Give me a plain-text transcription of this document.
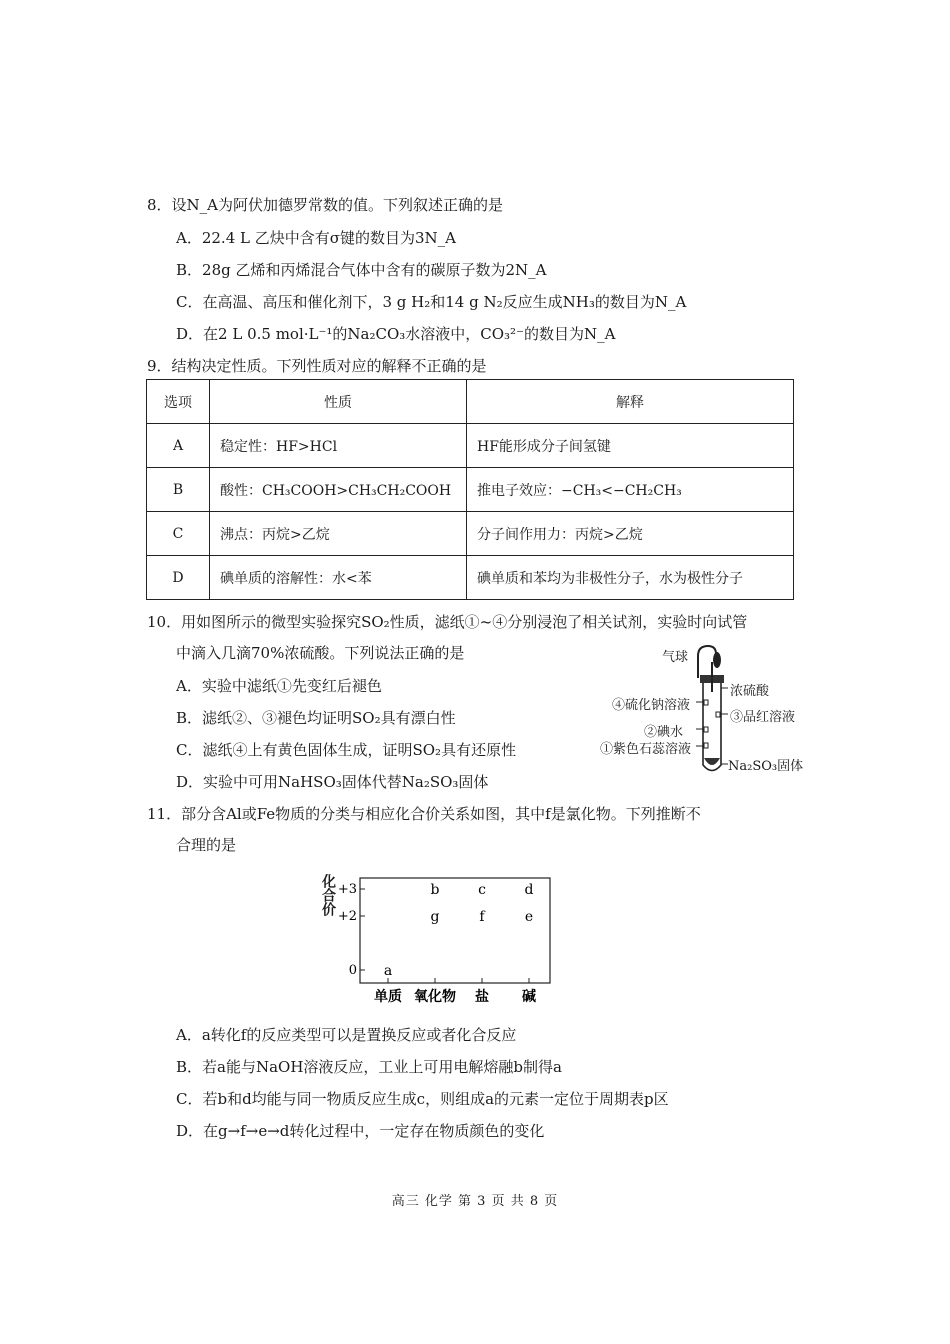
8．设N_A为阿伏加德罗常数的值。下列叙述正确的是
A．22.4 L 乙炔中含有σ键的数目为3N_A
B．28g 乙烯和丙烯混合气体中含有的碳原子数为2N_A
C．在高温、高压和催化剂下，3 g H₂和14 g N₂反应生成NH₃的数目为N_A
D．在2 L 0.5 mol·L⁻¹的Na₂CO₃水溶液中，CO₃²⁻的数目为N_A
9．结构决定性质。下列性质对应的解释不正确的是
选项	性质	解释
A	稳定性：HF>HCl	HF能形成分子间氢键
B	酸性：CH₃COOH>CH₃CH₂COOH	推电子效应：−CH₃<−CH₂CH₃
C	沸点：丙烷>乙烷	分子间作用力：丙烷>乙烷
D	碘单质的溶解性：水<苯	碘单质和苯均为非极性分子，水为极性分子
10．用如图所示的微型实验探究SO₂性质，滤纸①~④分别浸泡了相关试剂，实验时向试管
中滴入几滴70%浓硫酸。下列说法正确的是
A．实验中滤纸①先变红后褪色
B．滤纸②、③褪色均证明SO₂具有漂白性
C．滤纸④上有黄色固体生成，证明SO₂具有还原性
D．实验中可用NaHSO₃固体代替Na₂SO₃固体
气球
浓硫酸
④硫化钠溶液
③品红溶液
②碘水
①紫色石蕊溶液
Na₂SO₃固体
11．部分含Al或Fe物质的分类与相应化合价关系如图，其中f是氯化物。下列推断不
合理的是
+3
+2
0
单质 氧化物 盐 碱
a
b	c	d
g	f	e
化合价
A．a转化f的反应类型可以是置换反应或者化合反应
B．若a能与NaOH溶液反应，工业上可用电解熔融b制得a
C．若b和d均能与同一物质反应生成c，则组成a的元素一定位于周期表p区
D．在g→f→e→d转化过程中，一定存在物质颜色的变化
高三 化学 第 3 页 共 8 页
